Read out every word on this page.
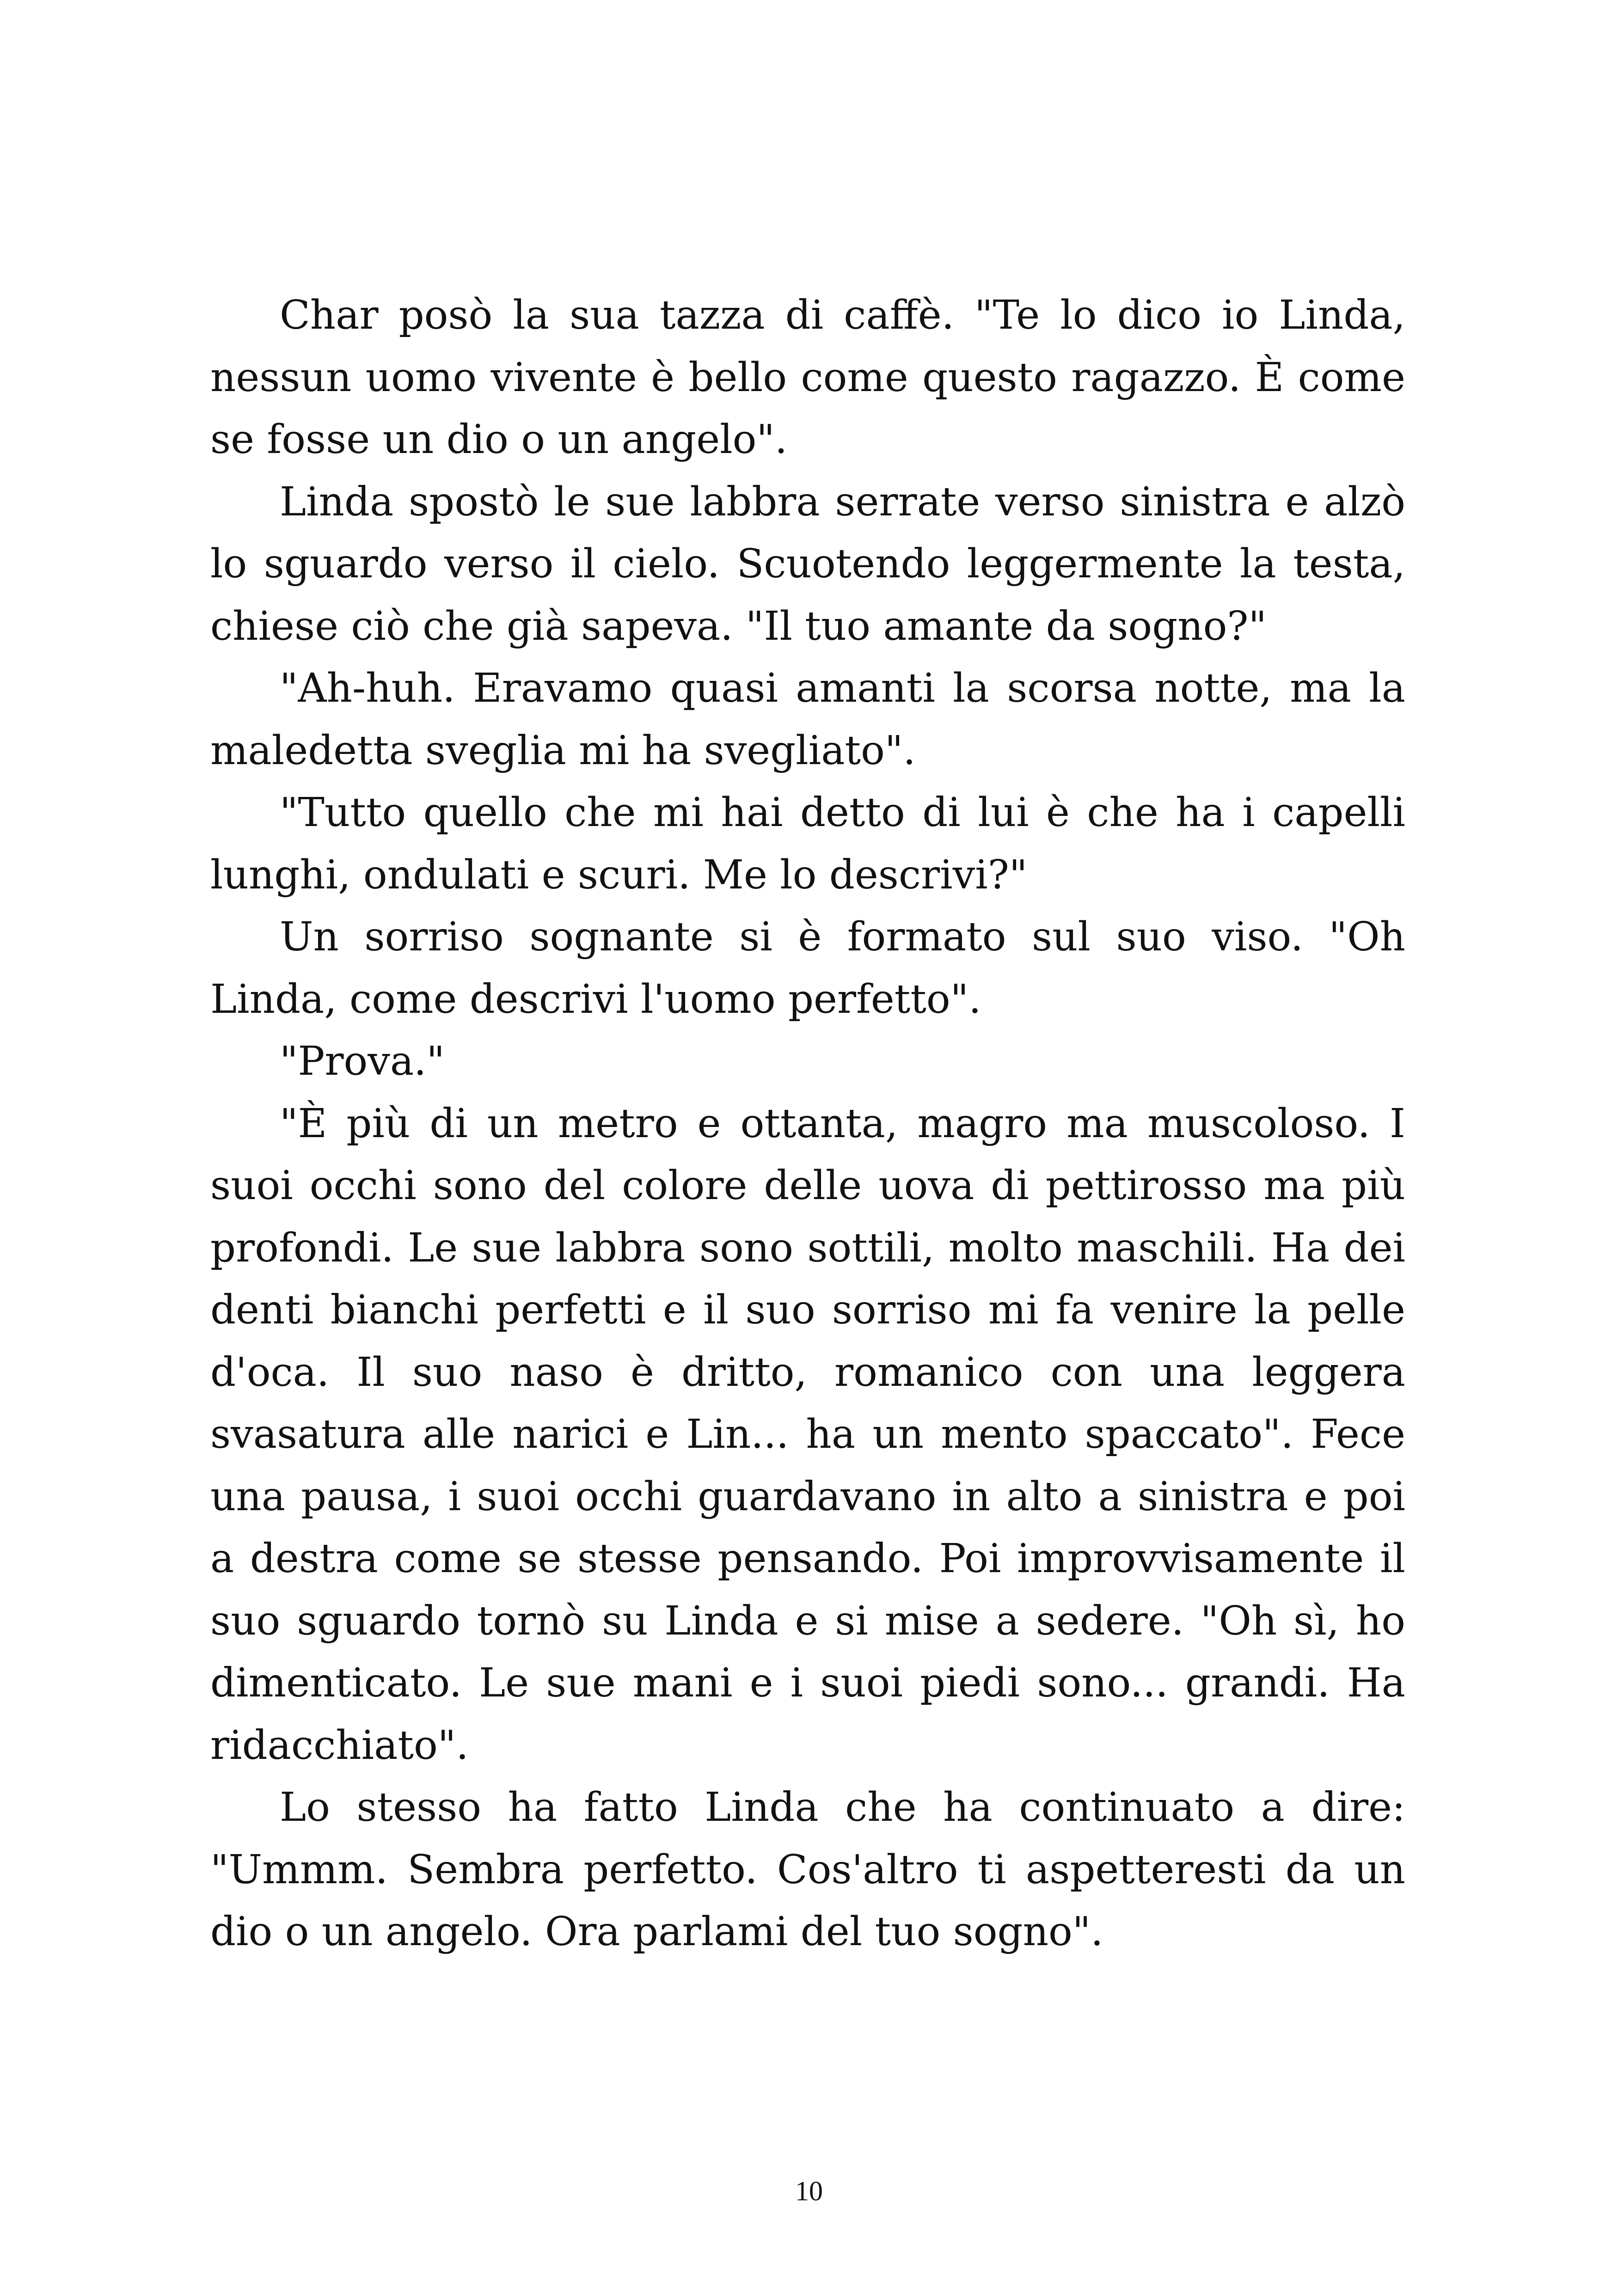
Char posò la sua tazza di caffè. "Te lo dico io Linda, nessun uomo vivente è bello come questo ragazzo. È come se fosse un dio o un angelo".

Linda spostò le sue labbra serrate verso sinistra e alzò lo sguardo verso il cielo. Scuotendo leggermente la testa, chiese ciò che già sapeva. "Il tuo amante da sogno?"

"Ah-huh. Eravamo quasi amanti la scorsa notte, ma la maledetta sveglia mi ha svegliato".

"Tutto quello che mi hai detto di lui è che ha i capelli lunghi, ondulati e scuri. Me lo descrivi?"

Un sorriso sognante si è formato sul suo viso. "Oh Linda, come descrivi l'uomo perfetto".

"Prova."

"È più di un metro e ottanta, magro ma muscoloso. I suoi occhi sono del colore delle uova di pettirosso ma più profondi. Le sue labbra sono sottili, molto maschili. Ha dei denti bianchi perfetti e il suo sorriso mi fa venire la pelle d'oca. Il suo naso è dritto, romanico con una leggera svasatura alle narici e Lin... ha un mento spaccato". Fece una pausa, i suoi occhi guardavano in alto a sinistra e poi a destra come se stesse pensando. Poi improvvisamente il suo sguardo tornò su Linda e si mise a sedere. "Oh sì, ho dimenticato. Le sue mani e i suoi piedi sono... grandi. Ha ridacchiato".

Lo stesso ha fatto Linda che ha continuato a dire: "Ummm. Sembra perfetto. Cos'altro ti aspetteresti da un dio o un angelo. Ora parlami del tuo sogno".

10
